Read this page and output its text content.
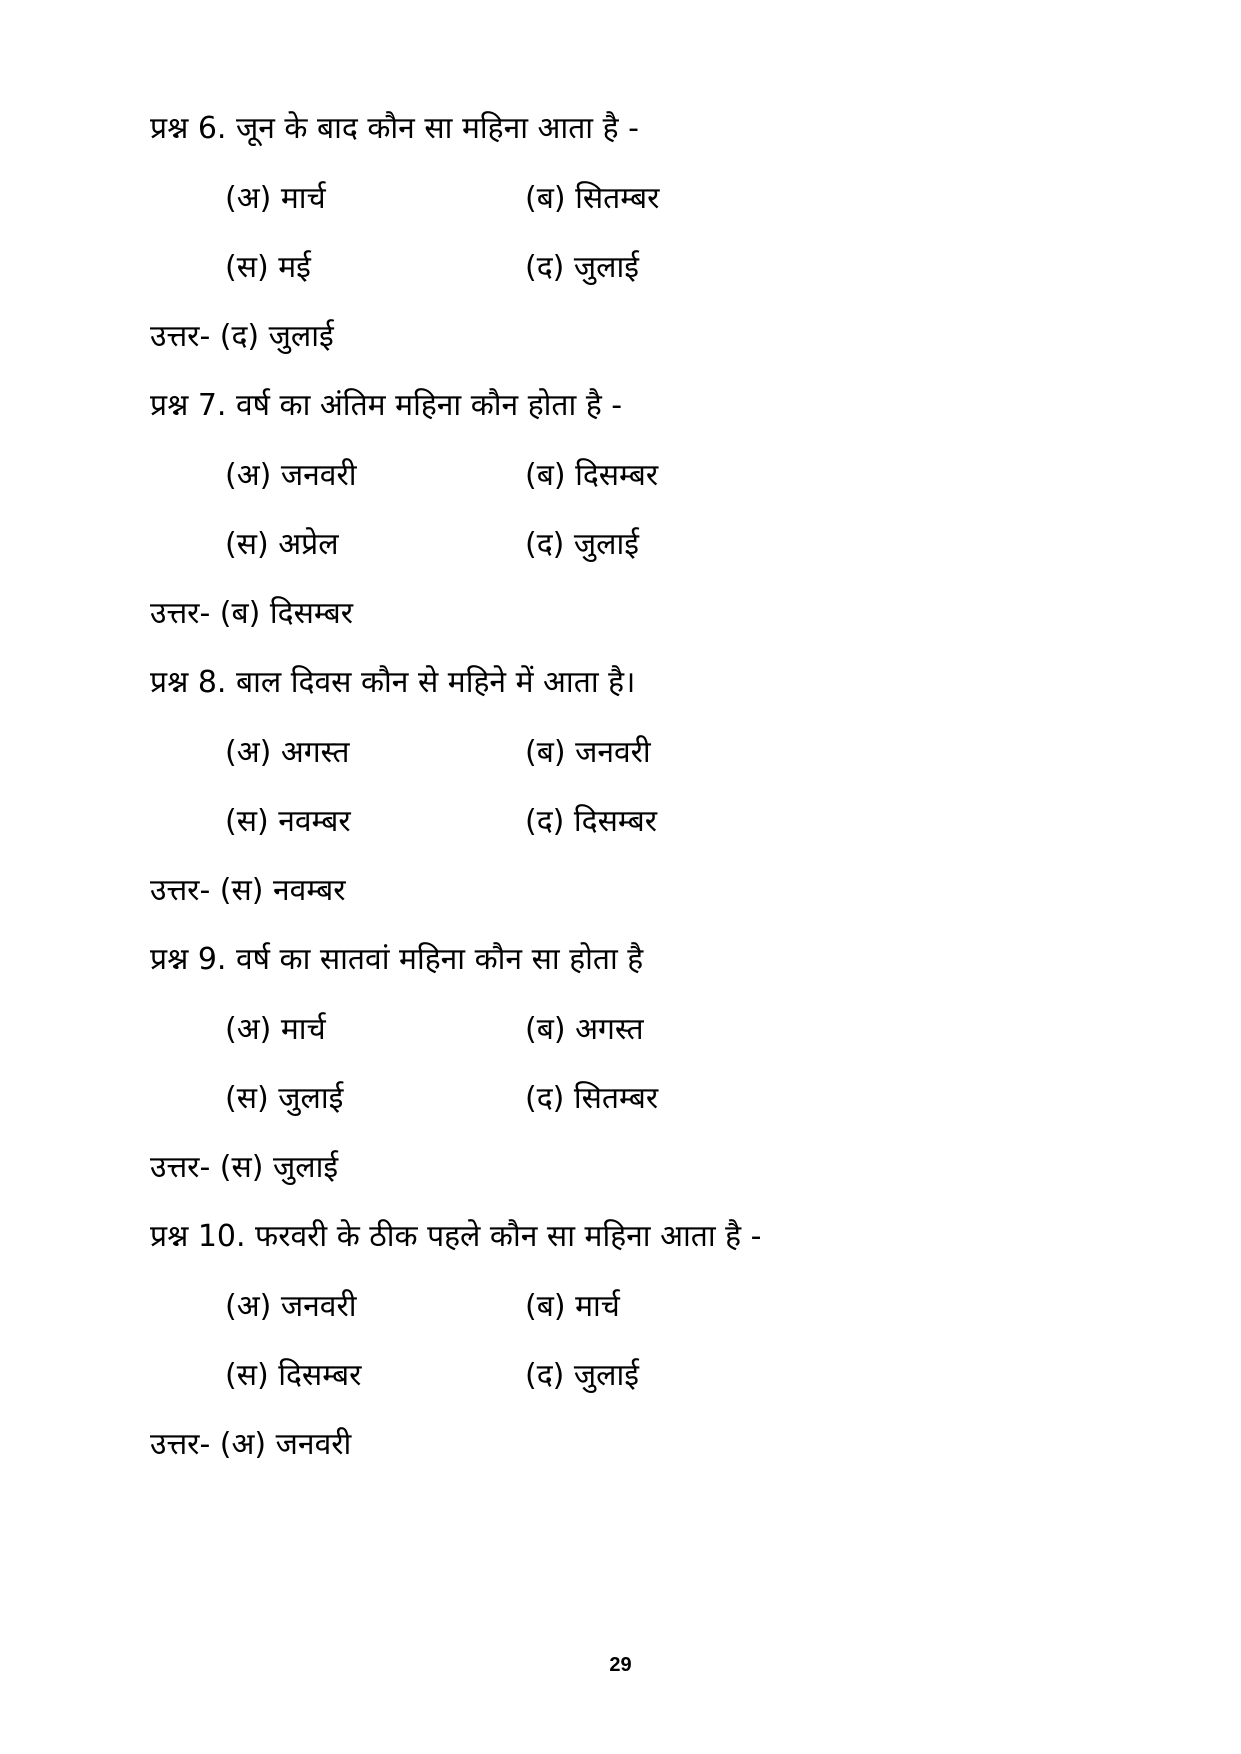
प्रश्न 6. जून के बाद कौन सा महिना आता है -
(अ) मार्च	(ब) सितम्बर
(स) मई	(द) जुलाई
उत्तर- (द) जुलाई
प्रश्न 7. वर्ष का अंतिम महिना कौन होता है -
(अ) जनवरी	(ब) दिसम्बर
(स) अप्रेल	(द) जुलाई
उत्तर- (ब) दिसम्बर
प्रश्न 8. बाल दिवस कौन से महिने में आता है।
(अ) अगस्त	(ब) जनवरी
(स) नवम्बर	(द) दिसम्बर
उत्तर- (स) नवम्बर
प्रश्न 9. वर्ष का सातवां महिना कौन सा होता है
(अ) मार्च	(ब) अगस्त
(स) जुलाई	(द) सितम्बर
उत्तर- (स) जुलाई
प्रश्न 10. फरवरी के ठीक पहले कौन सा महिना आता है -
(अ) जनवरी	(ब) मार्च
(स) दिसम्बर	(द) जुलाई
उत्तर- (अ) जनवरी
29
